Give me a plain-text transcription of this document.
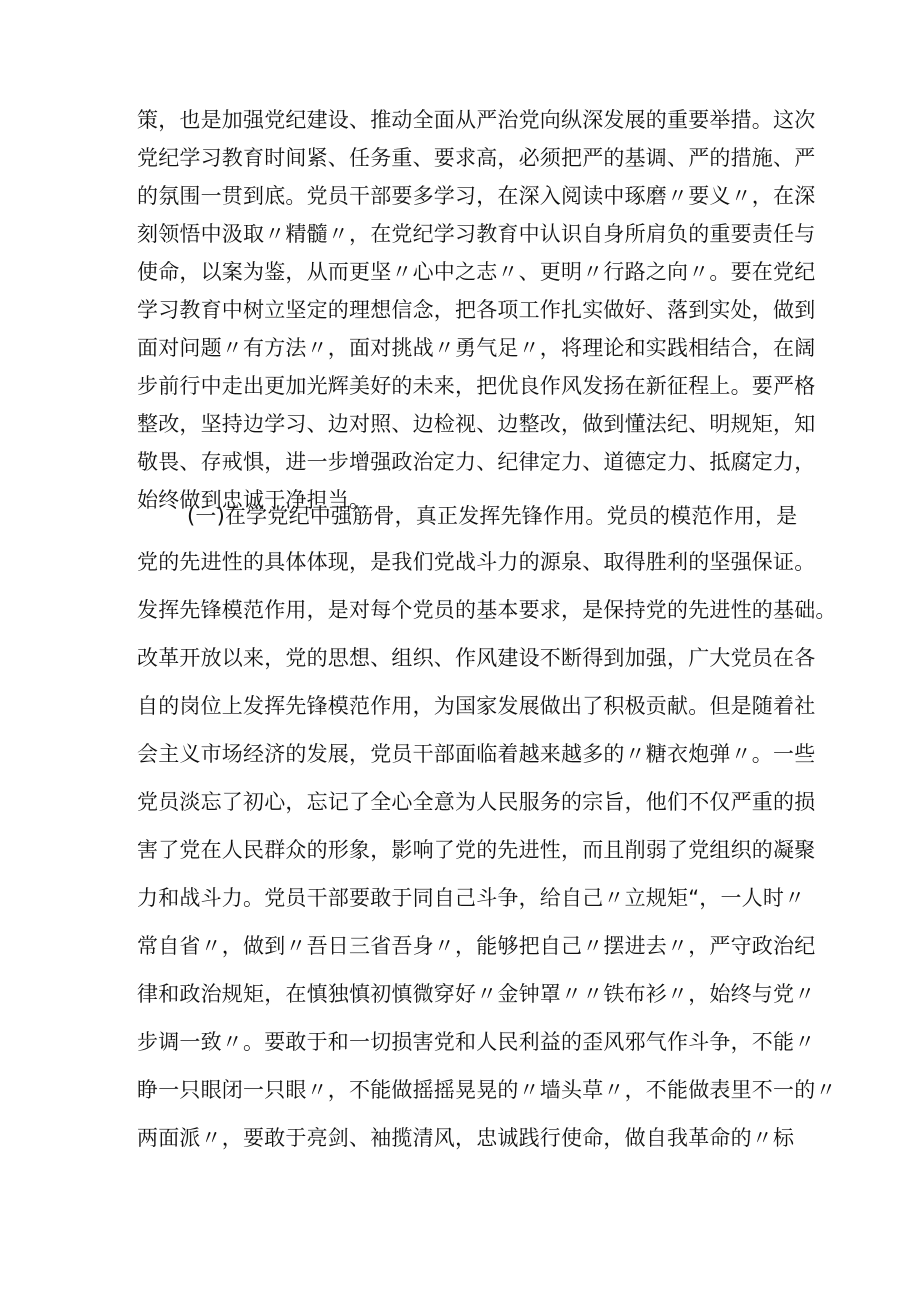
策，也是加强党纪建设、推动全面从严治党向纵深发展的重要举措。这次
党纪学习教育时间紧、任务重、要求高，必须把严的基调、严的措施、严
的氛围一贯到底。党员干部要多学习，在深入阅读中琢磨〃要义〃，在深
刻领悟中汲取〃精髓〃，在党纪学习教育中认识自身所肩负的重要责任与
使命，以案为鉴，从而更坚〃心中之志〃、更明〃行路之向〃。要在党纪
学习教育中树立坚定的理想信念，把各项工作扎实做好、落到实处，做到
面对问题〃有方法〃，面对挑战〃勇气足〃，将理论和实践相结合，在阔
步前行中走出更加光辉美好的未来，把优良作风发扬在新征程上。要严格
整改，坚持边学习、边对照、边检视、边整改，做到懂法纪、明规矩，知
敬畏、存戒惧，进一步增强政治定力、纪律定力、道德定力、抵腐定力，
始终做到忠诚干净担当。
(一)在学党纪中强筋骨，真正发挥先锋作用。党员的模范作用，是
党的先进性的具体体现，是我们党战斗力的源泉、取得胜利的坚强保证。
发挥先锋模范作用，是对每个党员的基本要求，是保持党的先进性的基础。
改革开放以来，党的思想、组织、作风建设不断得到加强，广大党员在各
自的岗位上发挥先锋模范作用，为国家发展做出了积极贡献。但是随着社
会主义市场经济的发展，党员干部面临着越来越多的〃糖衣炮弹〃。一些
党员淡忘了初心，忘记了全心全意为人民服务的宗旨，他们不仅严重的损
害了党在人民群众的形象，影响了党的先进性，而且削弱了党组织的凝聚
力和战斗力。党员干部要敢于同自己斗争，给自己〃立规矩“，一人时〃
常自省〃，做到〃吾日三省吾身〃，能够把自己〃摆进去〃，严守政治纪
律和政治规矩，在慎独慎初慎微穿好〃金钟罩〃〃铁布衫〃，始终与党〃
步调一致〃。要敢于和一切损害党和人民利益的歪风邪气作斗争，不能〃
睁一只眼闭一只眼〃，不能做摇摇晃晃的〃墙头草〃，不能做表里不一的〃
两面派〃，要敢于亮剑、袖揽清风，忠诚践行使命，做自我革命的〃标
